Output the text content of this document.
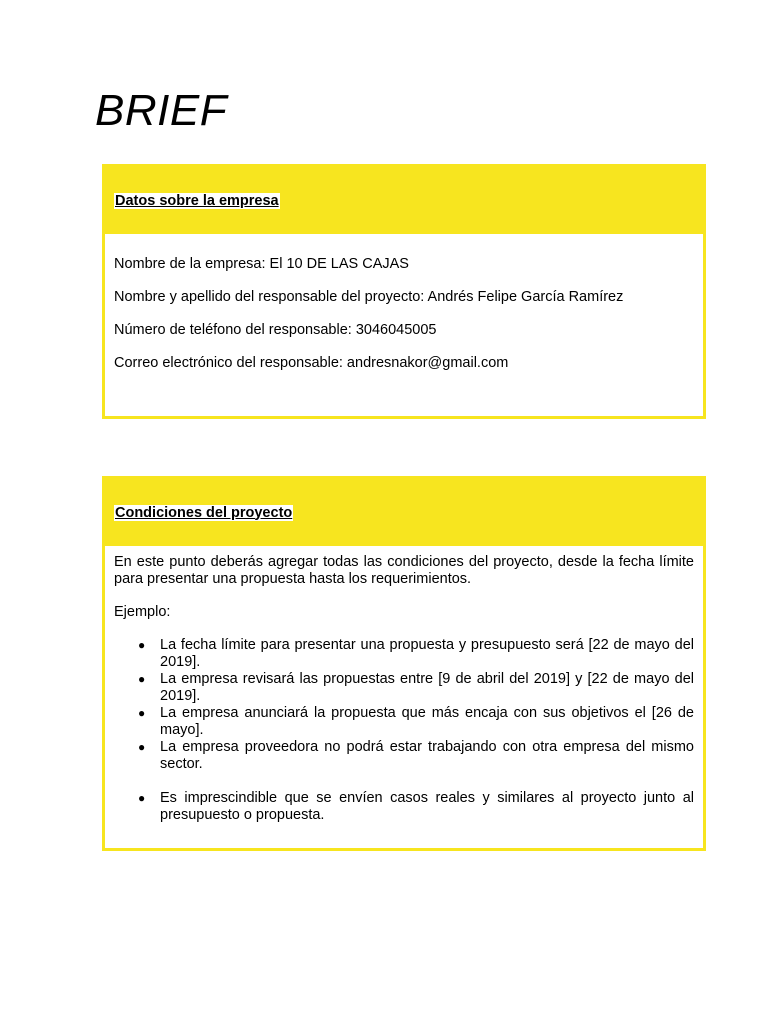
BRIEF
Datos sobre la empresa

Nombre de la empresa: El 10 DE LAS CAJAS

Nombre y apellido del responsable del proyecto: Andrés Felipe García Ramírez

Número de teléfono del responsable: 3046045005

Correo electrónico del responsable: andresnakor@gmail.com

Condiciones del proyecto

En este punto deberás agregar todas las condiciones del proyecto, desde la fecha límite para presentar una propuesta hasta los requerimientos.

Ejemplo:

● La fecha límite para presentar una propuesta y presupuesto será [22 de mayo del 2019].
● La empresa revisará las propuestas entre [9 de abril del 2019] y [22 de mayo del 2019].
● La empresa anunciará la propuesta que más encaja con sus objetivos el [26 de mayo].
● La empresa proveedora no podrá estar trabajando con otra empresa del mismo sector.
● Es imprescindible que se envíen casos reales y similares al proyecto junto al presupuesto o propuesta.
